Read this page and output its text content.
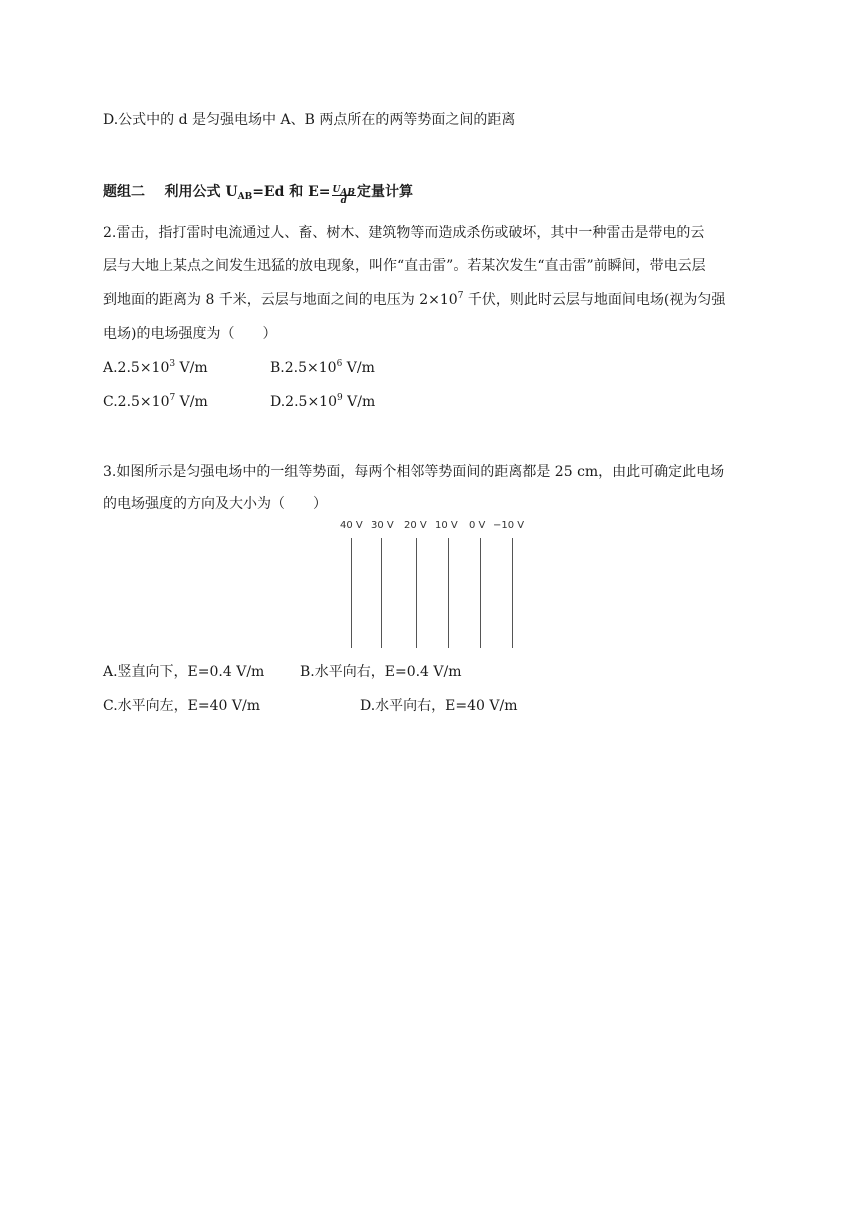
D.公式中的 d 是匀强电场中 A、B 两点所在的两等势面之间的距离
题组二 利用公式 $U_{AB}=Ed$ 和 $E= \frac{U_{AB}}{d}$ 定量计算
2.雷击，指打雷时电流通过人、畜、树木、建筑物等而造成杀伤或破坏，其中一种雷击是带电的云
层与大地上某点之间发生迅猛的放电现象，叫作“直击雷”。若某次发生“直击雷”前瞬间，带电云层
到地面的距离为 8 千米，云层与地面之间的电压为 $2\times 10^7$ 千伏，则此时云层与地面间电场(视为匀强
电场)的电场强度为（　　）
$A.2.5\times 10^3$ V/m	$B.2.5\times 10^6$ V/m
$C.2.5\times 10^7$ V/m	$D.2.5\times 10^9$ V/m
3.如图所示是匀强电场中的一组等势面，每两个相邻等势面间的距离都是 25 cm，由此可确定此电场
的电场强度的方向及大小为（　　）
40 V 30 V 20 V 10 V 0 V −10 V
A.竖直向下，E=0.4 V/m	B.水平向右，E=0.4 V/m
C.水平向左，E=40 V/m	D.水平向右，E=40 V/m
